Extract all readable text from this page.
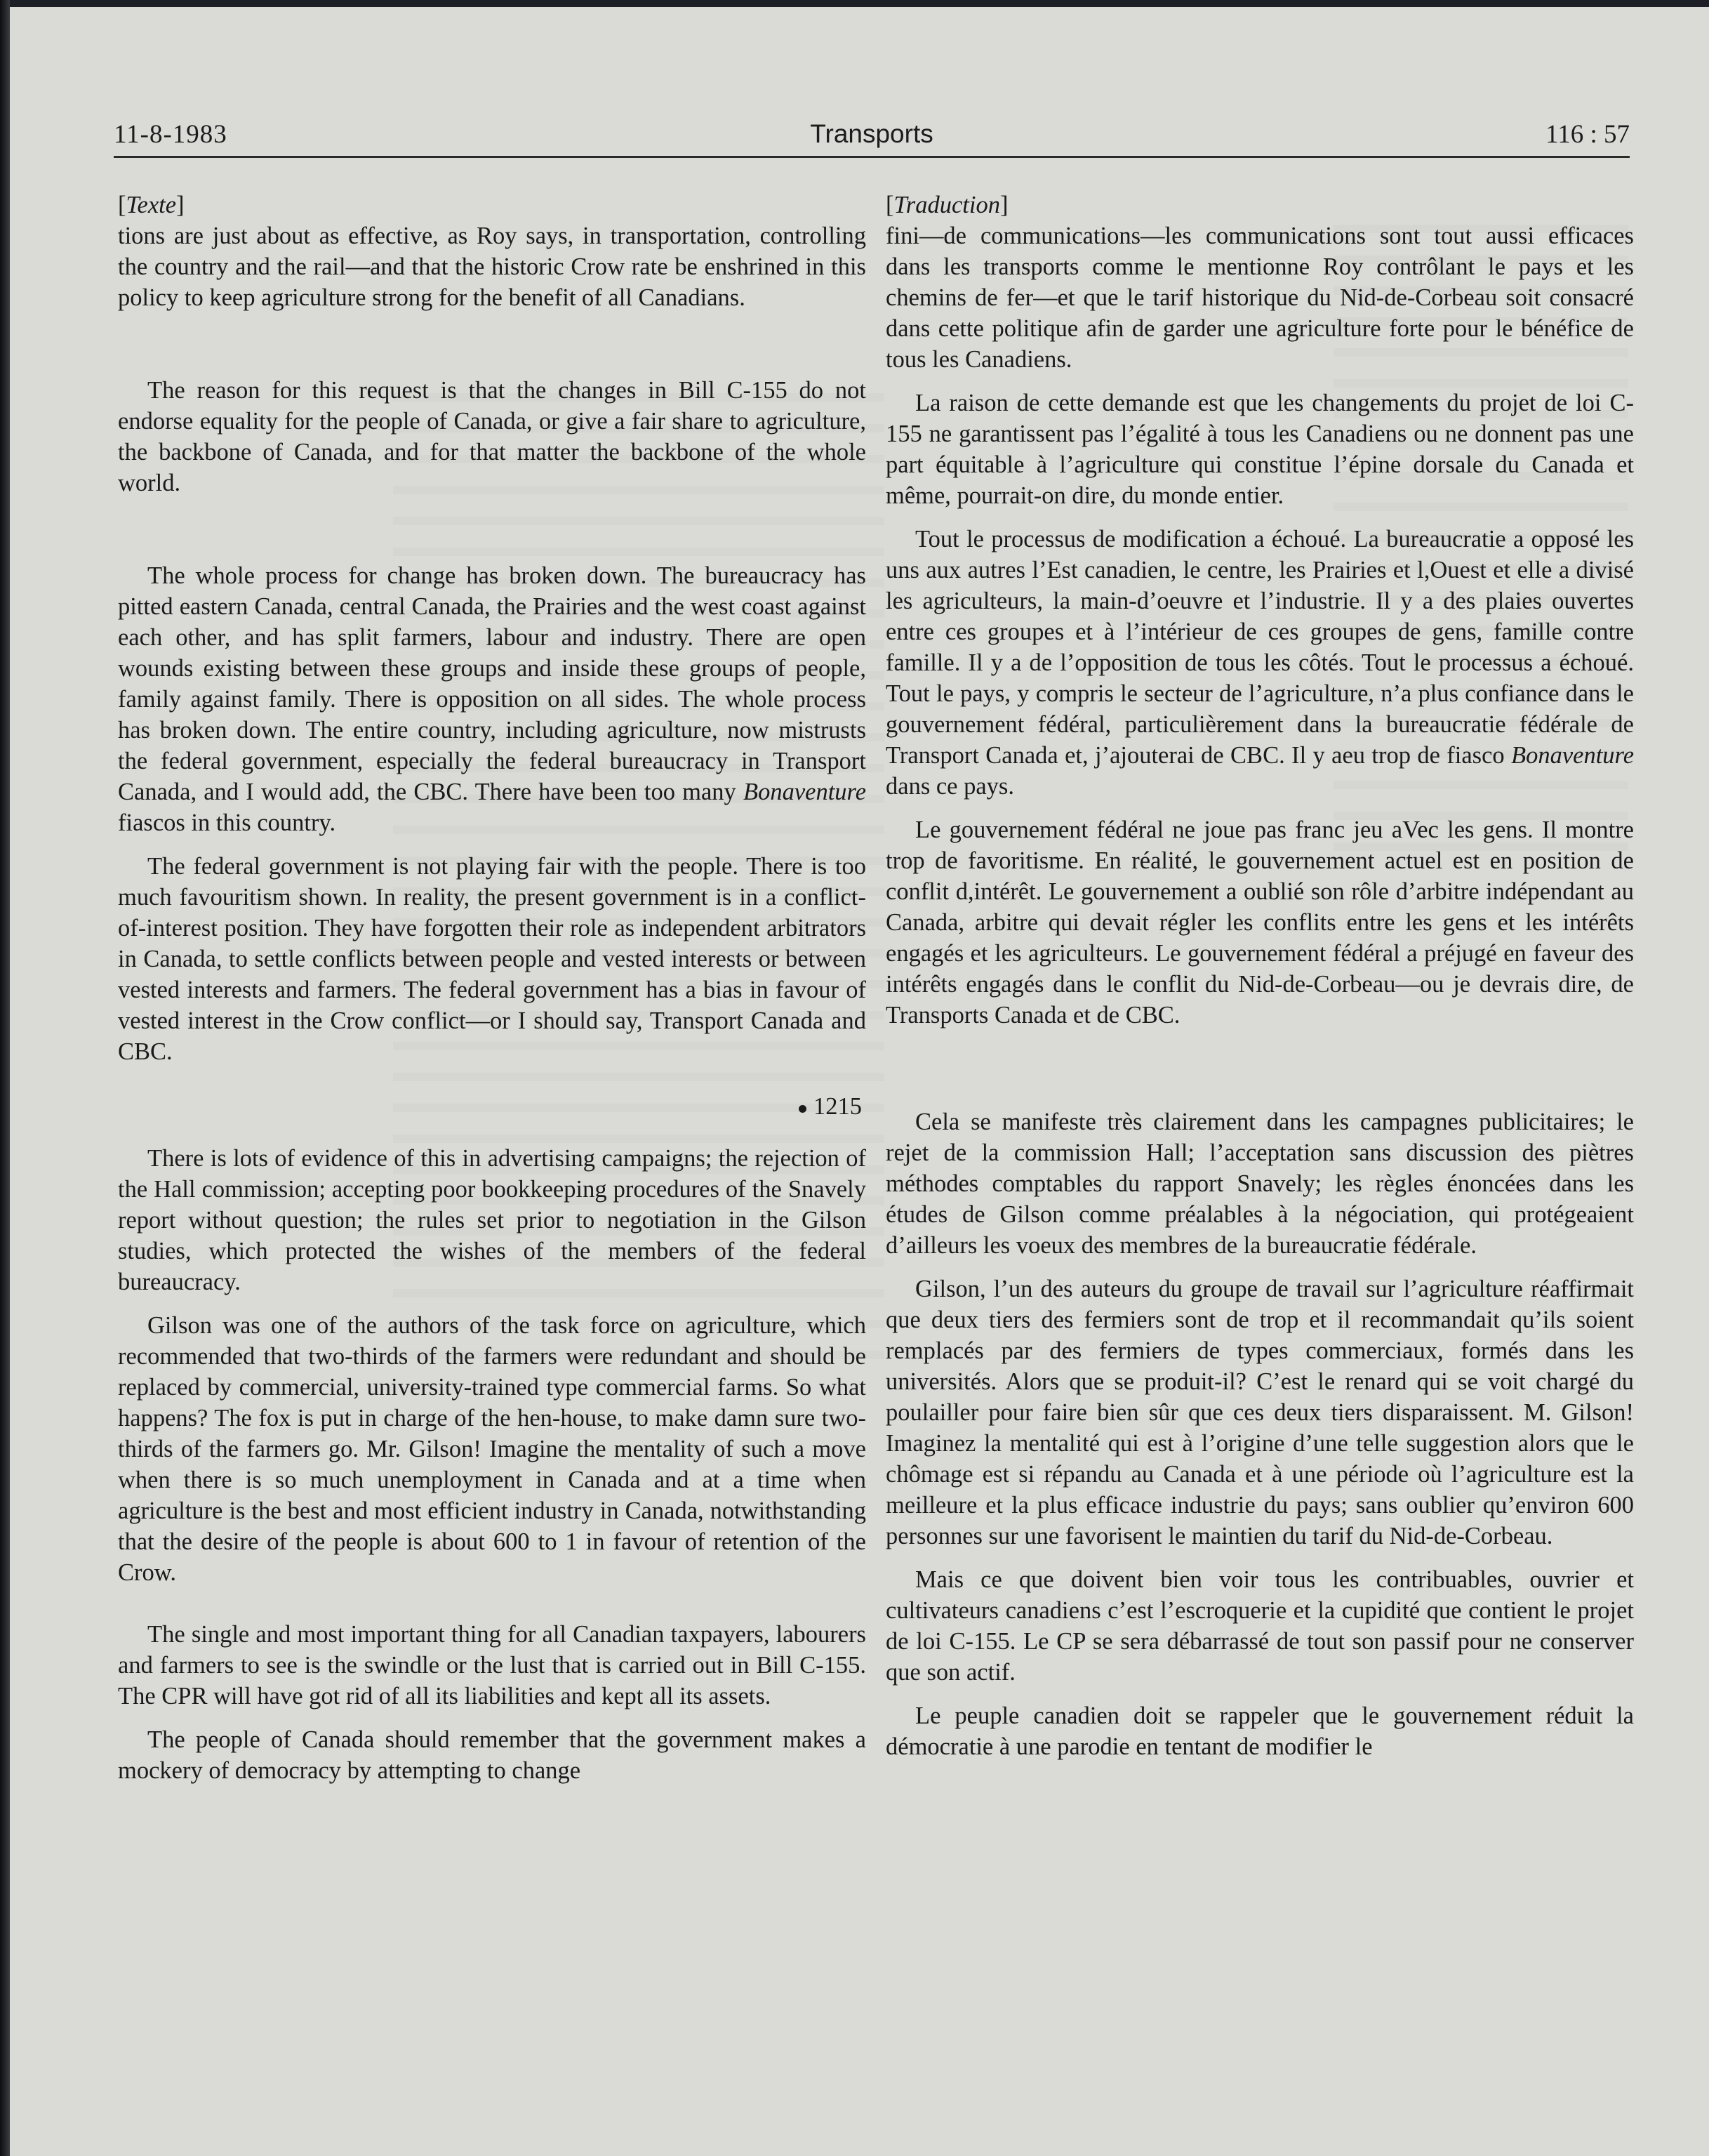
11-8-1983	Transports	116 : 57
[Texte]

tions are just about as effective, as Roy says, in transportation, controlling the country and the rail—and that the historic Crow rate be enshrined in this policy to keep agriculture strong for the benefit of all Canadians.

The reason for this request is that the changes in Bill C-155 do not endorse equality for the people of Canada, or give a fair share to agriculture, the backbone of Canada, and for that matter the backbone of the whole world.

The whole process for change has broken down. The bureaucracy has pitted eastern Canada, central Canada, the Prairies and the west coast against each other, and has split farmers, labour and industry. There are open wounds existing between these groups and inside these groups of people, family against family. There is opposition on all sides. The whole process has broken down. The entire country, including agriculture, now mistrusts the federal government, especially the federal bureaucracy in Transport Canada, and I would add, the CBC. There have been too many Bonaventure fiascos in this country.

The federal government is not playing fair with the people. There is too much favouritism shown. In reality, the present government is in a conflict-of-interest position. They have forgotten their role as independent arbitrators in Canada, to settle conflicts between people and vested interests or between vested interests and farmers. The federal government has a bias in favour of vested interest in the Crow conflict—or I should say, Transport Canada and CBC.

1215

There is lots of evidence of this in advertising campaigns; the rejection of the Hall commission; accepting poor bookkeeping procedures of the Snavely report without question; the rules set prior to negotiation in the Gilson studies, which protected the wishes of the members of the federal bureaucracy.

Gilson was one of the authors of the task force on agriculture, which recommended that two-thirds of the farmers were redundant and should be replaced by commercial, university-trained type commercial farms. So what happens? The fox is put in charge of the hen-house, to make damn sure two-thirds of the farmers go. Mr. Gilson! Imagine the mentality of such a move when there is so much unemployment in Canada and at a time when agriculture is the best and most efficient industry in Canada, notwithstanding that the desire of the people is about 600 to 1 in favour of retention of the Crow.

The single and most important thing for all Canadian taxpayers, labourers and farmers to see is the swindle or the lust that is carried out in Bill C-155. The CPR will have got rid of all its liabilities and kept all its assets.

The people of Canada should remember that the government makes a mockery of democracy by attempting to change

[Traduction]

fini—de communications—les communications sont tout aussi efficaces dans les transports comme le mentionne Roy contrôlant le pays et les chemins de fer—et que le tarif historique du Nid-de-Corbeau soit consacré dans cette politique afin de garder une agriculture forte pour le bénéfice de tous les Canadiens.

La raison de cette demande est que les changements du projet de loi C-155 ne garantissent pas l’égalité à tous les Canadiens ou ne donnent pas une part équitable à l’agriculture qui constitue l’épine dorsale du Canada et même, pourrait-on dire, du monde entier.

Tout le processus de modification a échoué. La bureaucratie a opposé les uns aux autres l’Est canadien, le centre, les Prairies et l,Ouest et elle a divisé les agriculteurs, la main-d’oeuvre et l’industrie. Il y a des plaies ouvertes entre ces groupes et à l’intérieur de ces groupes de gens, famille contre famille. Il y a de l’opposition de tous les côtés. Tout le processus a échoué. Tout le pays, y compris le secteur de l’agriculture, n’a plus confiance dans le gouvernement fédéral, particulièrement dans la bureaucratie fédérale de Transport Canada et, j’ajouterai de CBC. Il y aeu trop de fiasco Bonaventure dans ce pays.

Le gouvernement fédéral ne joue pas franc jeu aVec les gens. Il montre trop de favoritisme. En réalité, le gouvernement actuel est en position de conflit d,intérêt. Le gouvernement a oublié son rôle d’arbitre indépendant au Canada, arbitre qui devait régler les conflits entre les gens et les intérêts engagés et les agriculteurs. Le gouvernement fédéral a préjugé en faveur des intérêts engagés dans le conflit du Nid-de-Corbeau—ou je devrais dire, de Transports Canada et de CBC.

Cela se manifeste très clairement dans les campagnes publicitaires; le rejet de la commission Hall; l’acceptation sans discussion des piètres méthodes comptables du rapport Snavely; les règles énoncées dans les études de Gilson comme préalables à la négociation, qui protégeaient d’ailleurs les voeux des membres de la bureaucratie fédérale.

Gilson, l’un des auteurs du groupe de travail sur l’agriculture réaffirmait que deux tiers des fermiers sont de trop et il recommandait qu’ils soient remplacés par des fermiers de types commerciaux, formés dans les universités. Alors que se produit-il? C’est le renard qui se voit chargé du poulailler pour faire bien sûr que ces deux tiers disparaissent. M. Gilson! Imaginez la mentalité qui est à l’origine d’une telle suggestion alors que le chômage est si répandu au Canada et à une période où l’agriculture est la meilleure et la plus efficace industrie du pays; sans oublier qu’environ 600 personnes sur une favorisent le maintien du tarif du Nid-de-Corbeau.

Mais ce que doivent bien voir tous les contribuables, ouvrier et cultivateurs canadiens c’est l’escroquerie et la cupidité que contient le projet de loi C-155. Le CP se sera débarrassé de tout son passif pour ne conserver que son actif.

Le peuple canadien doit se rappeler que le gouvernement réduit la démocratie à une parodie en tentant de modifier le
